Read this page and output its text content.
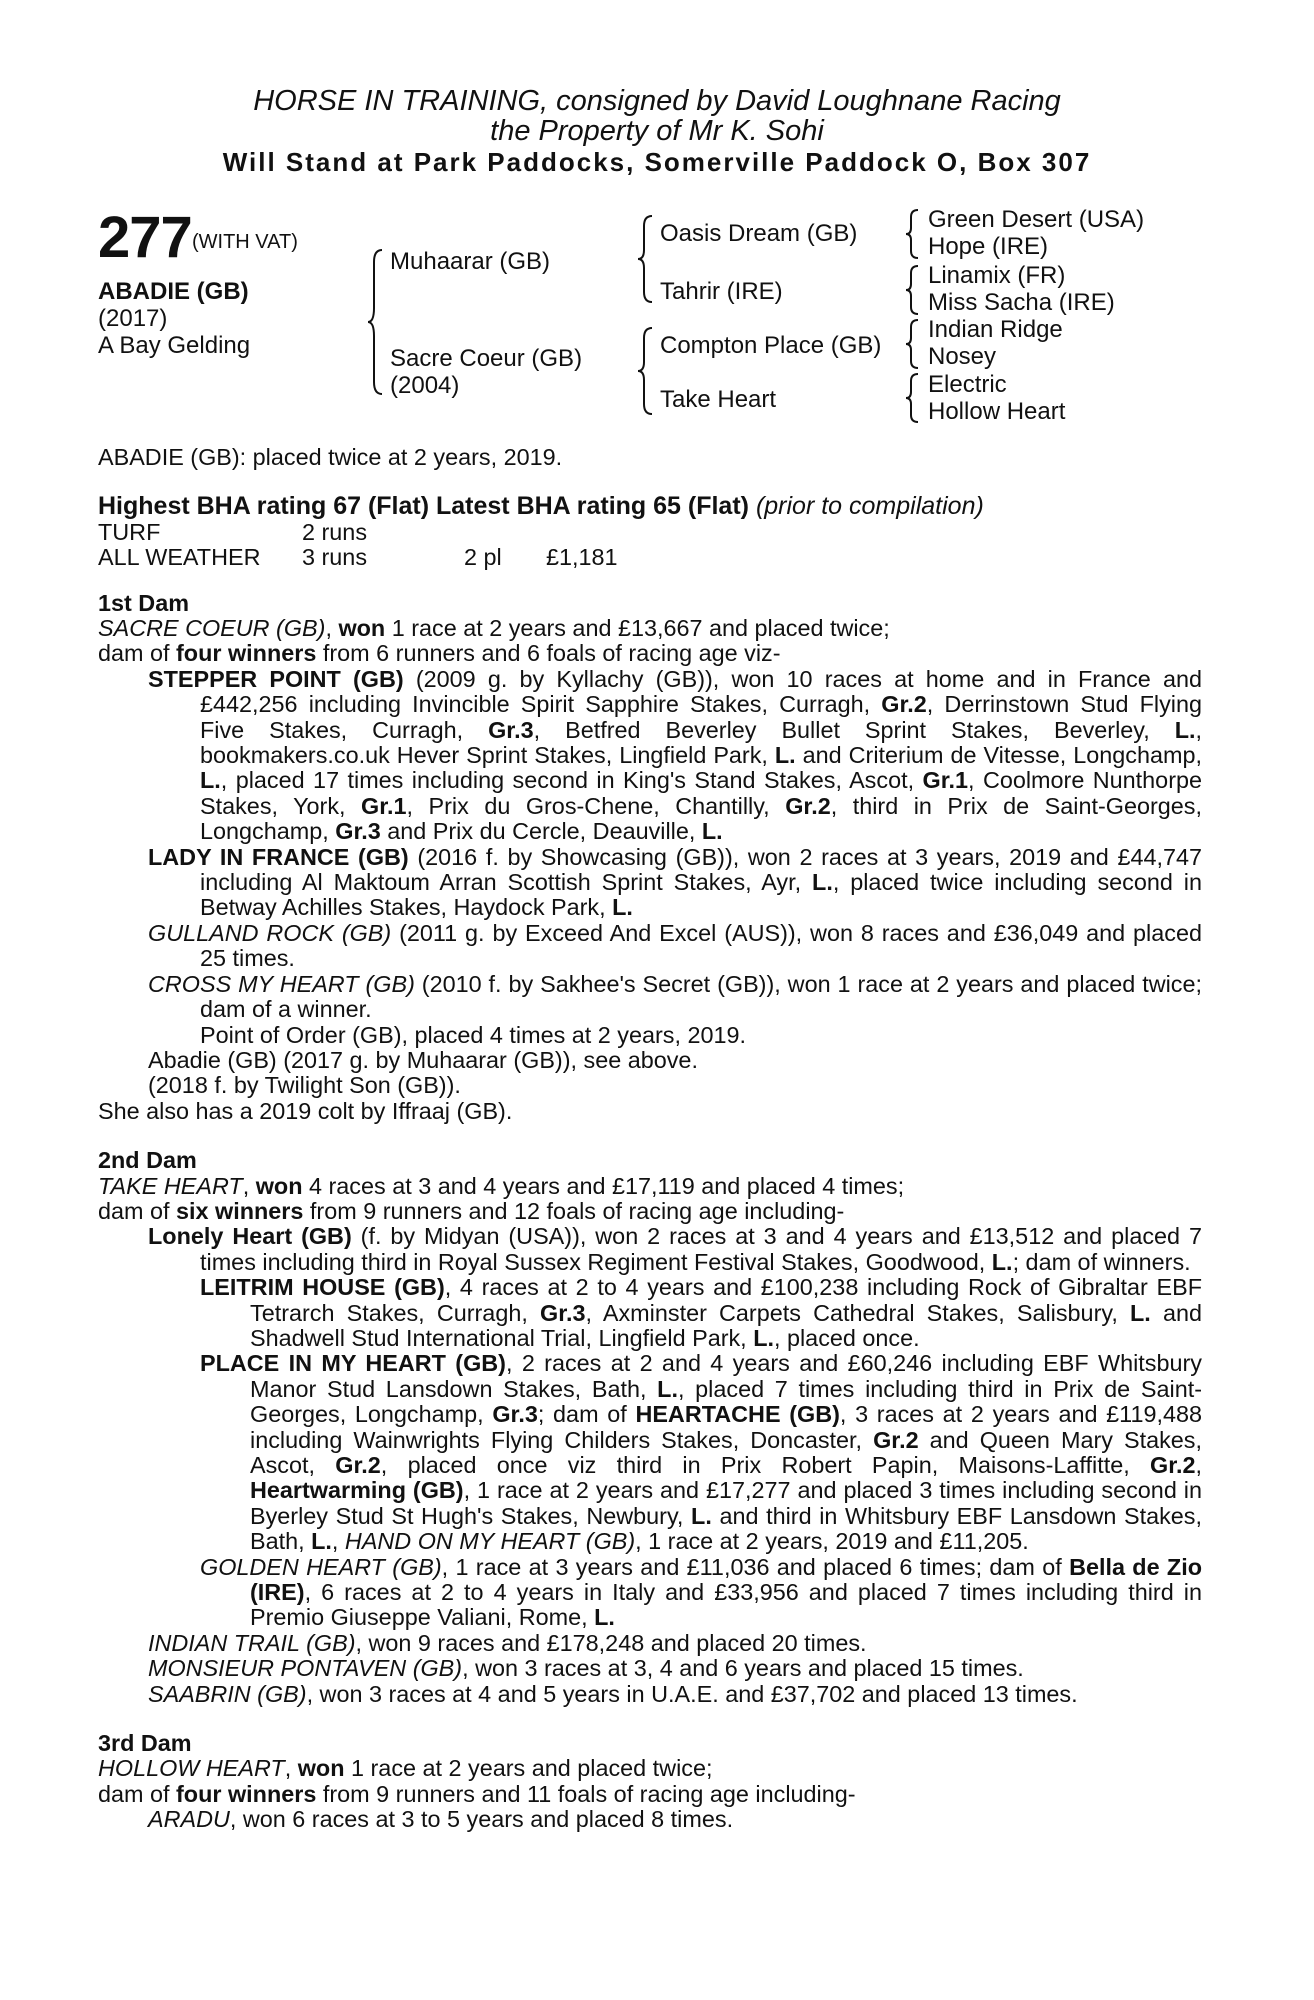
HORSE IN TRAINING, consigned by David Loughnane Racing
the Property of Mr K. Sohi
Will Stand at Park Paddocks, Somerville Paddock O, Box 307
277 (WITH VAT)
ABADIE (GB)
(2017)
A Bay Gelding
Muhaarar (GB)
Sacre Coeur (GB)
(2004)
Oasis Dream (GB)
Tahrir (IRE)
Compton Place (GB)
Take Heart
Green Desert (USA)
Hope (IRE)
Linamix (FR)
Miss Sacha (IRE)
Indian Ridge
Nosey
Electric
Hollow Heart

ABADIE (GB): placed twice at 2 years, 2019.

Highest BHA rating 67 (Flat) Latest BHA rating 65 (Flat) (prior to compilation)

TURF	2 runs
ALL WEATHER 3 runs	2 pl £1,181

1st Dam

SACRE COEUR (GB), won 1 race at 2 years and £13,667 and placed twice;

dam of four winners from 6 runners and 6 foals of racing age viz-

STEPPER POINT (GB) (2009 g. by Kyllachy (GB)), won 10 races at home and in France and £442,256 including Invincible Spirit Sapphire Stakes, Curragh, Gr.2, Derrinstown Stud Flying Five Stakes, Curragh, Gr.3, Betfred Beverley Bullet Sprint Stakes, Beverley, L., bookmakers.co.uk Hever Sprint Stakes, Lingfield Park, L. and Criterium de Vitesse, Longchamp, L., placed 17 times including second in King's Stand Stakes, Ascot, Gr.1, Coolmore Nunthorpe Stakes, York, Gr.1, Prix du Gros-Chene, Chantilly, Gr.2, third in Prix de Saint-Georges, Longchamp, Gr.3 and Prix du Cercle, Deauville, L.

LADY IN FRANCE (GB) (2016 f. by Showcasing (GB)), won 2 races at 3 years, 2019 and £44,747 including Al Maktoum Arran Scottish Sprint Stakes, Ayr, L., placed twice including second in Betway Achilles Stakes, Haydock Park, L.

GULLAND ROCK (GB) (2011 g. by Exceed And Excel (AUS)), won 8 races and £36,049 and placed 25 times.

CROSS MY HEART (GB) (2010 f. by Sakhee's Secret (GB)), won 1 race at 2 years and placed twice; dam of a winner.

Point of Order (GB), placed 4 times at 2 years, 2019.

Abadie (GB) (2017 g. by Muhaarar (GB)), see above.

(2018 f. by Twilight Son (GB)).

She also has a 2019 colt by Iffraaj (GB).

2nd Dam

TAKE HEART, won 4 races at 3 and 4 years and £17,119 and placed 4 times;

dam of six winners from 9 runners and 12 foals of racing age including-

Lonely Heart (GB) (f. by Midyan (USA)), won 2 races at 3 and 4 years and £13,512 and placed 7 times including third in Royal Sussex Regiment Festival Stakes, Goodwood, L.; dam of winners.

LEITRIM HOUSE (GB), 4 races at 2 to 4 years and £100,238 including Rock of Gibraltar EBF Tetrarch Stakes, Curragh, Gr.3, Axminster Carpets Cathedral Stakes, Salisbury, L. and Shadwell Stud International Trial, Lingfield Park, L., placed once.

PLACE IN MY HEART (GB), 2 races at 2 and 4 years and £60,246 including EBF Whitsbury Manor Stud Lansdown Stakes, Bath, L., placed 7 times including third in Prix de Saint-Georges, Longchamp, Gr.3; dam of HEARTACHE (GB), 3 races at 2 years and £119,488 including Wainwrights Flying Childers Stakes, Doncaster, Gr.2 and Queen Mary Stakes, Ascot, Gr.2, placed once viz third in Prix Robert Papin, Maisons-Laffitte, Gr.2, Heartwarming (GB), 1 race at 2 years and £17,277 and placed 3 times including second in Byerley Stud St Hugh's Stakes, Newbury, L. and third in Whitsbury EBF Lansdown Stakes, Bath, L., HAND ON MY HEART (GB), 1 race at 2 years, 2019 and £11,205.

GOLDEN HEART (GB), 1 race at 3 years and £11,036 and placed 6 times; dam of Bella de Zio (IRE), 6 races at 2 to 4 years in Italy and £33,956 and placed 7 times including third in Premio Giuseppe Valiani, Rome, L.

INDIAN TRAIL (GB), won 9 races and £178,248 and placed 20 times.

MONSIEUR PONTAVEN (GB), won 3 races at 3, 4 and 6 years and placed 15 times.

SAABRIN (GB), won 3 races at 4 and 5 years in U.A.E. and £37,702 and placed 13 times.

3rd Dam

HOLLOW HEART, won 1 race at 2 years and placed twice;

dam of four winners from 9 runners and 11 foals of racing age including-

ARADU, won 6 races at 3 to 5 years and placed 8 times.
